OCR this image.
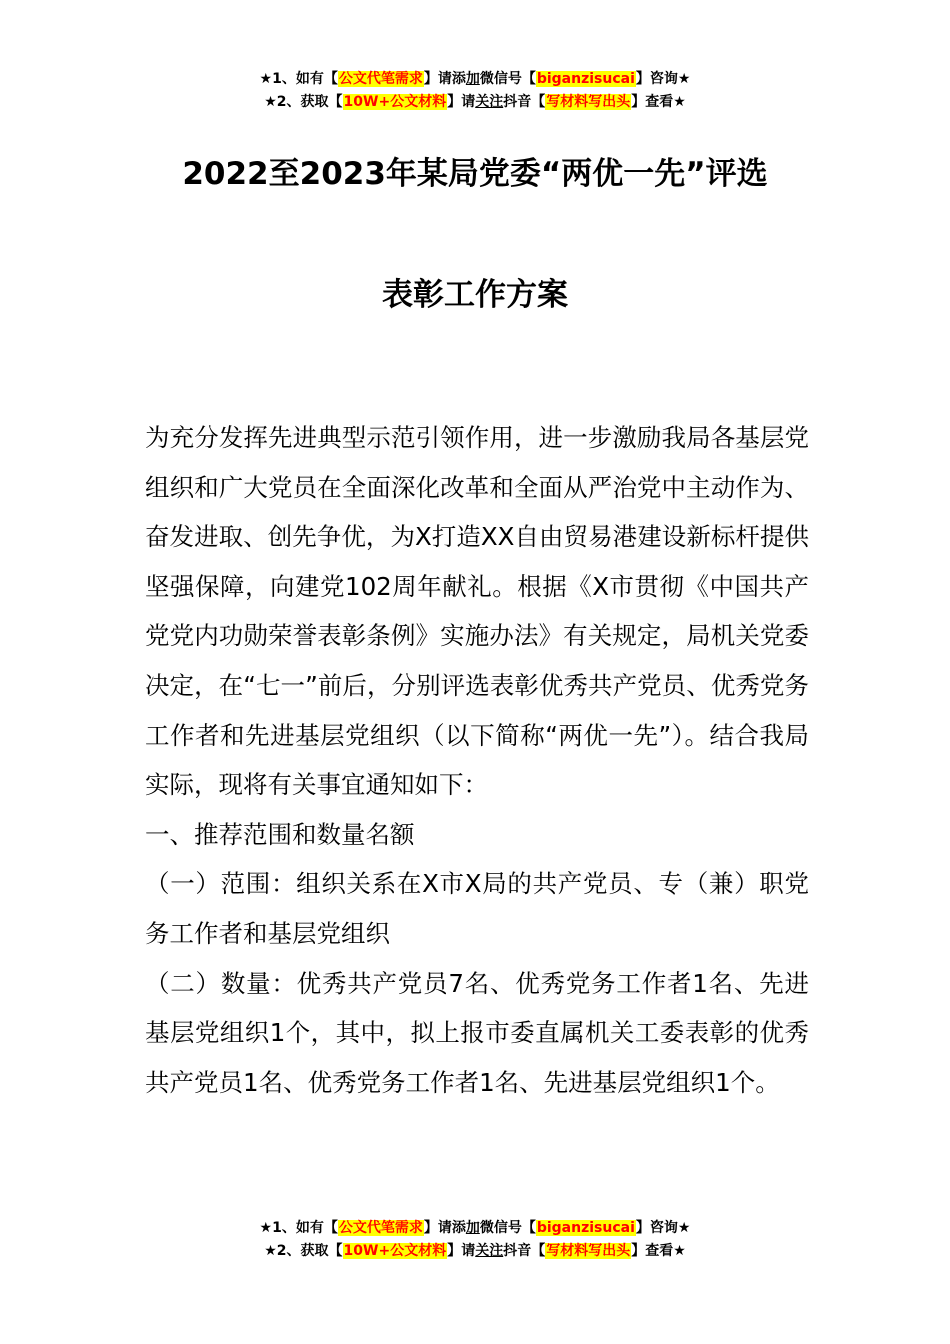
★1、如有【公文代笔需求】请添加微信号【biganzisucai】咨询★
★2、获取【10W+公文材料】请关注抖音【写材料写出头】查看★
2022至2023年某局党委“两优一先”评选
表彰工作方案

为充分发挥先进典型示范引领作用，进一步激励我局各基层党组织和广大党员在全面深化改革和全面从严治党中主动作为、奋发进取、创先争优，为X打造XX自由贸易港建设新标杆提供坚强保障，向建党102周年献礼。根据《X市贯彻《中国共产党党内功勋荣誉表彰条例》实施办法》有关规定，局机关党委决定，在“七一”前后，分别评选表彰优秀共产党员、优秀党务工作者和先进基层党组织（以下简称“两优一先”）。结合我局实际，现将有关事宜通知如下：

一、推荐范围和数量名额

（一）范围：组织关系在X市X局的共产党员、专（兼）职党务工作者和基层党组织

（二）数量：优秀共产党员7名、优秀党务工作者1名、先进基层党组织1个，其中，拟上报市委直属机关工委表彰的优秀共产党员1名、优秀党务工作者1名、先进基层党组织1个。

★1、如有【公文代笔需求】请添加微信号【biganzisucai】咨询★
★2、获取【10W+公文材料】请关注抖音【写材料写出头】查看★
